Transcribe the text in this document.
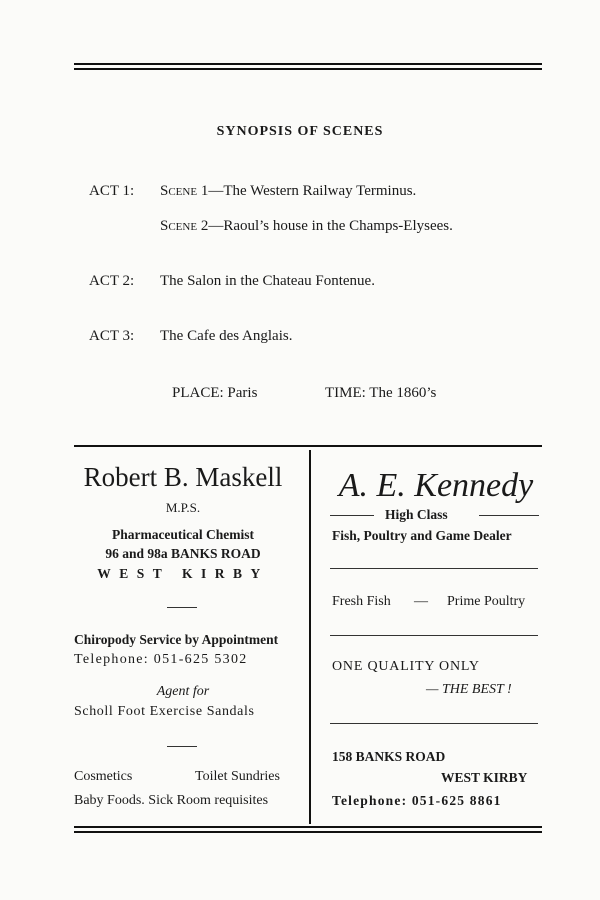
SYNOPSIS OF SCENES
ACT 1: Scene 1—The Western Railway Terminus.
Scene 2—Raoul’s house in the Champs-Elysees.
ACT 2: The Salon in the Chateau Fontenue.
ACT 3: The Cafe des Anglais.
PLACE: Paris	TIME: The 1860’s
Robert B. Maskell
M.P.S.
Pharmaceutical Chemist
96 and 98a BANKS ROAD
WEST KIRBY
Chiropody Service by Appointment
Telephone: 051-625 5302
Agent for
Scholl Foot Exercise Sandals
Cosmetics	Toilet Sundries
Baby Foods. Sick Room requisites
A. E. Kennedy
High Class
Fish, Poultry and Game Dealer
Fresh Fish — Prime Poultry
ONE QUALITY ONLY
— THE BEST !
158 BANKS ROAD
WEST KIRBY
Telephone: 051-625 8861
